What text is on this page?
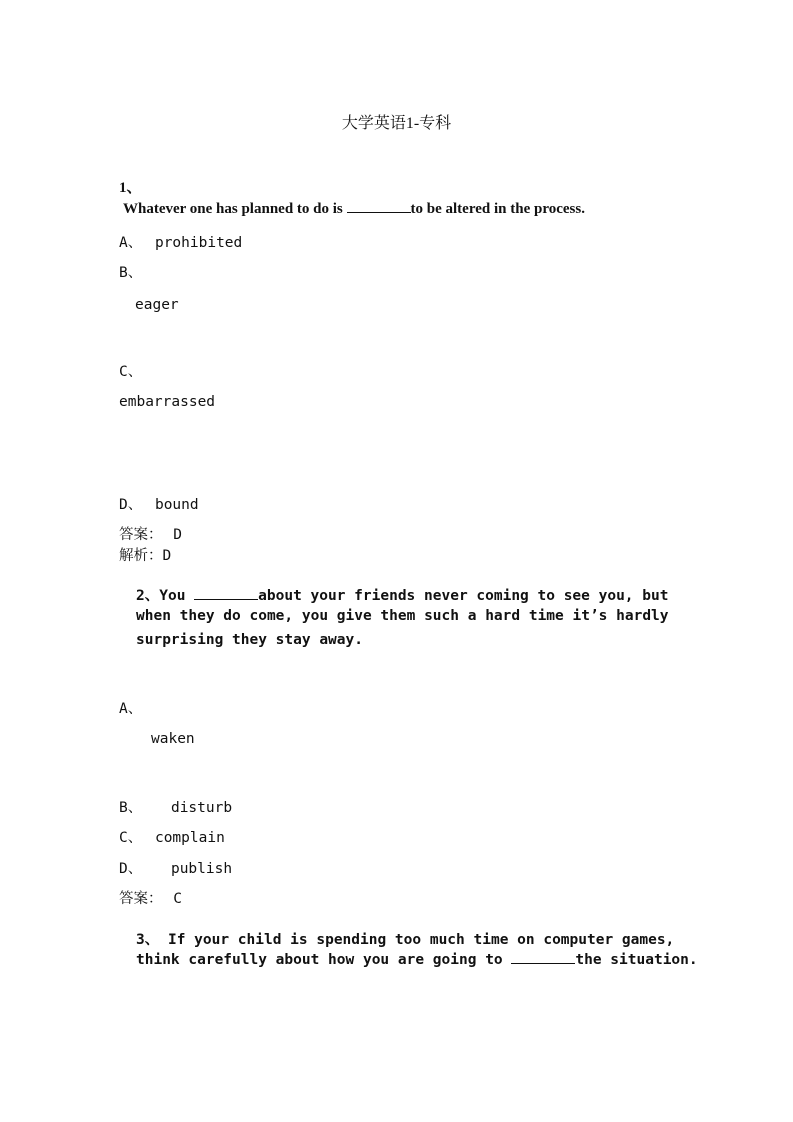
大学英语1-专科
1、
Whatever one has planned to do is	to be altered in the process.
A、 prohibited
B、
eager
C、
embarrassed
D、 bound
答案： D
解析：D
2、You	about your friends never coming to see you, but
when they do come, you give them such a hard time it’s hardly
surprising they stay away.
A、
waken
B、 disturb
C、 complain
D、 publish
答案： C
3、 If your child is spending too much time on computer games,
think carefully about how you are going to	the situation.
